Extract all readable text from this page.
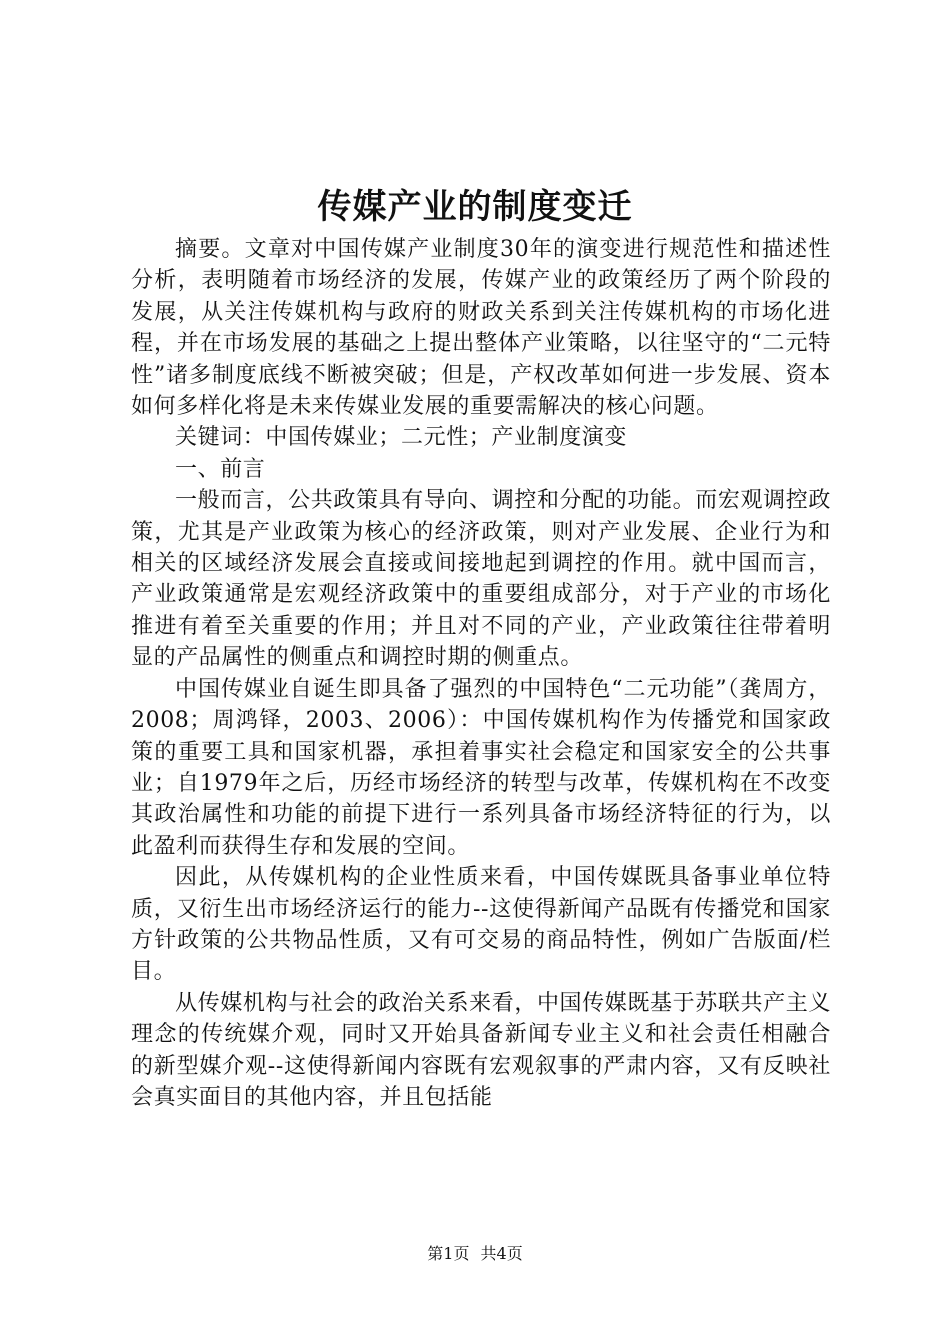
传媒产业的制度变迁

摘要。文章对中国传媒产业制度30年的演变进行规范性和描述性分析，表明随着市场经济的发展，传媒产业的政策经历了两个阶段的发展，从关注传媒机构与政府的财政关系到关注传媒机构的市场化进程，并在市场发展的基础之上提出整体产业策略，以往坚守的“二元特性”诸多制度底线不断被突破；但是，产权改革如何进一步发展、资本如何多样化将是未来传媒业发展的重要需解决的核心问题。

关键词：中国传媒业；二元性；产业制度演变

一、前言

一般而言，公共政策具有导向、调控和分配的功能。而宏观调控政策，尤其是产业政策为核心的经济政策，则对产业发展、企业行为和相关的区域经济发展会直接或间接地起到调控的作用。就中国而言，产业政策通常是宏观经济政策中的重要组成部分，对于产业的市场化推进有着至关重要的作用；并且对不同的产业，产业政策往往带着明显的产品属性的侧重点和调控时期的侧重点。

中国传媒业自诞生即具备了强烈的中国特色“二元功能”（龚周方，2008；周鸿铎，2003、2006）：中国传媒机构作为传播党和国家政策的重要工具和国家机器，承担着事实社会稳定和国家安全的公共事业；自1979年之后，历经市场经济的转型与改革，传媒机构在不改变其政治属性和功能的前提下进行一系列具备市场经济特征的行为，以此盈利而获得生存和发展的空间。

因此，从传媒机构的企业性质来看，中国传媒既具备事业单位特质，又衍生出市场经济运行的能力--这使得新闻产品既有传播党和国家方针政策的公共物品性质，又有可交易的商品特性，例如广告版面/栏目。

从传媒机构与社会的政治关系来看，中国传媒既基于苏联共产主义理念的传统媒介观，同时又开始具备新闻专业主义和社会责任相融合的新型媒介观--这使得新闻内容既有宏观叙事的严肃内容，又有反映社会真实面目的其他内容，并且包括能

第1页 共4页
